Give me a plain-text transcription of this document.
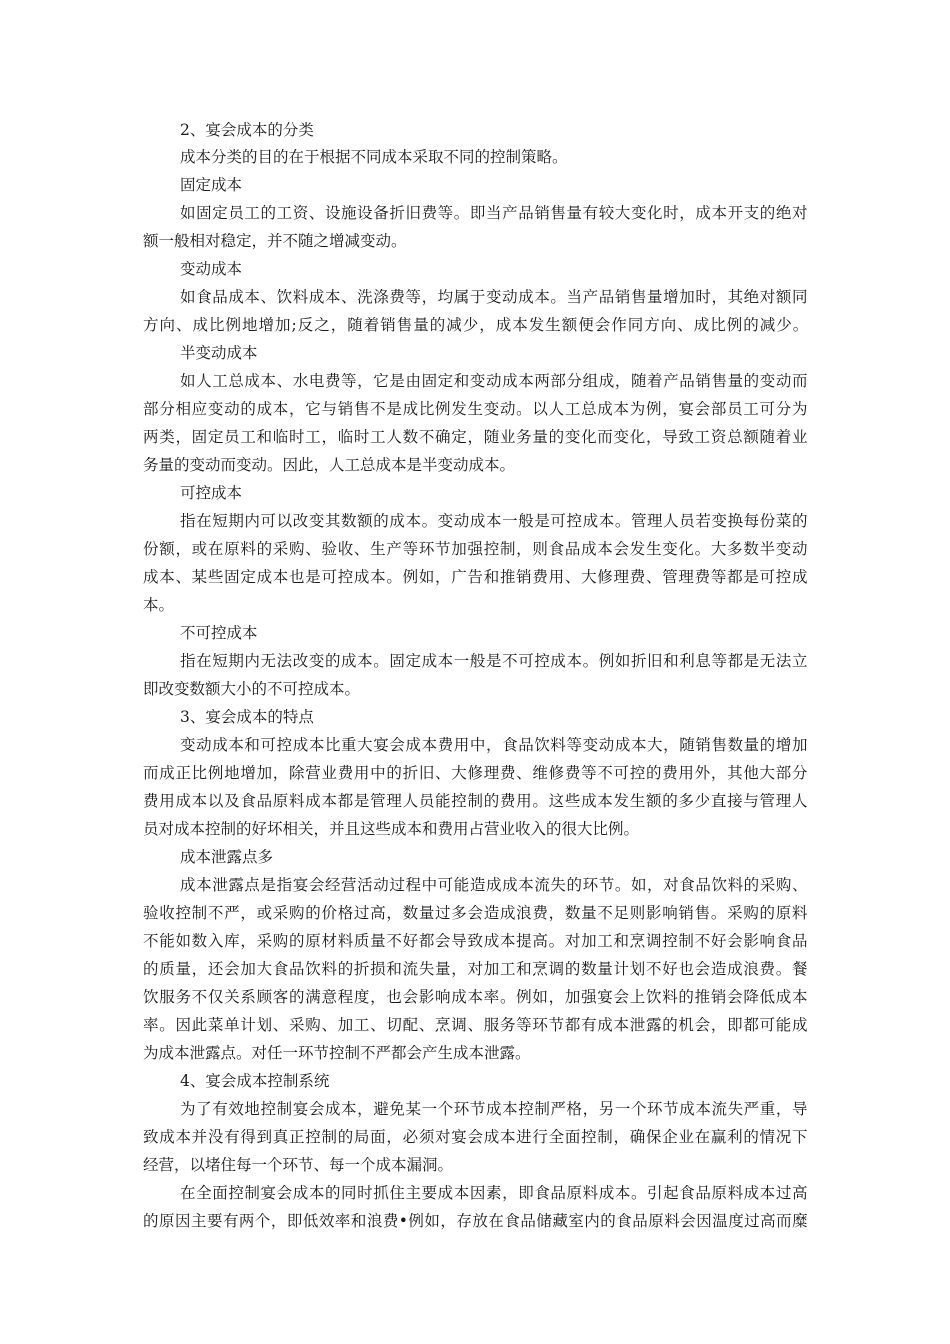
2、宴会成本的分类
成本分类的目的在于根据不同成本采取不同的控制策略。
固定成本
如固定员工的工资、设施设备折旧费等。即当产品销售量有较大变化时，成本开支的绝对
额一般相对稳定，并不随之增减变动。
变动成本
如食品成本、饮料成本、洗涤费等，均属于变动成本。当产品销售量增加时，其绝对额同
方向、成比例地增加;反之，随着销售量的减少，成本发生额便会作同方向、成比例的减少。
半变动成本
如人工总成本、水电费等，它是由固定和变动成本两部分组成，随着产品销售量的变动而
部分相应变动的成本，它与销售不是成比例发生变动。以人工总成本为例，宴会部员工可分为
两类，固定员工和临时工，临时工人数不确定，随业务量的变化而变化，导致工资总额随着业
务量的变动而变动。因此，人工总成本是半变动成本。
可控成本
指在短期内可以改变其数额的成本。变动成本一般是可控成本。管理人员若变换每份菜的
份额，或在原料的采购、验收、生产等环节加强控制，则食品成本会发生变化。大多数半变动
成本、某些固定成本也是可控成本。例如，广告和推销费用、大修理费、管理费等都是可控成
本。
不可控成本
指在短期内无法改变的成本。固定成本一般是不可控成本。例如折旧和利息等都是无法立
即改变数额大小的不可控成本。
3、宴会成本的特点
变动成本和可控成本比重大宴会成本费用中，食品饮料等变动成本大，随销售数量的增加
而成正比例地增加，除营业费用中的折旧、大修理费、维修费等不可控的费用外，其他大部分
费用成本以及食品原料成本都是管理人员能控制的费用。这些成本发生额的多少直接与管理人
员对成本控制的好坏相关，并且这些成本和费用占营业收入的很大比例。
成本泄露点多
成本泄露点是指宴会经营活动过程中可能造成成本流失的环节。如，对食品饮料的采购、
验收控制不严，或采购的价格过高，数量过多会造成浪费，数量不足则影响销售。采购的原料
不能如数入库，采购的原材料质量不好都会导致成本提高。对加工和烹调控制不好会影响食品
的质量，还会加大食品饮料的折损和流失量，对加工和烹调的数量计划不好也会造成浪费。餐
饮服务不仅关系顾客的满意程度，也会影响成本率。例如，加强宴会上饮料的推销会降低成本
率。因此菜单计划、采购、加工、切配、烹调、服务等环节都有成本泄露的机会，即都可能成
为成本泄露点。对任一环节控制不严都会产生成本泄露。
4、宴会成本控制系统
为了有效地控制宴会成本，避免某一个环节成本控制严格，另一个环节成本流失严重，导
致成本并没有得到真正控制的局面，必须对宴会成本进行全面控制，确保企业在赢利的情况下
经营，以堵住每一个环节、每一个成本漏洞。
在全面控制宴会成本的同时抓住主要成本因素，即食品原料成本。引起食品原料成本过高
的原因主要有两个，即低效率和浪费•例如，存放在食品储藏室内的食品原料会因温度过高而糜
